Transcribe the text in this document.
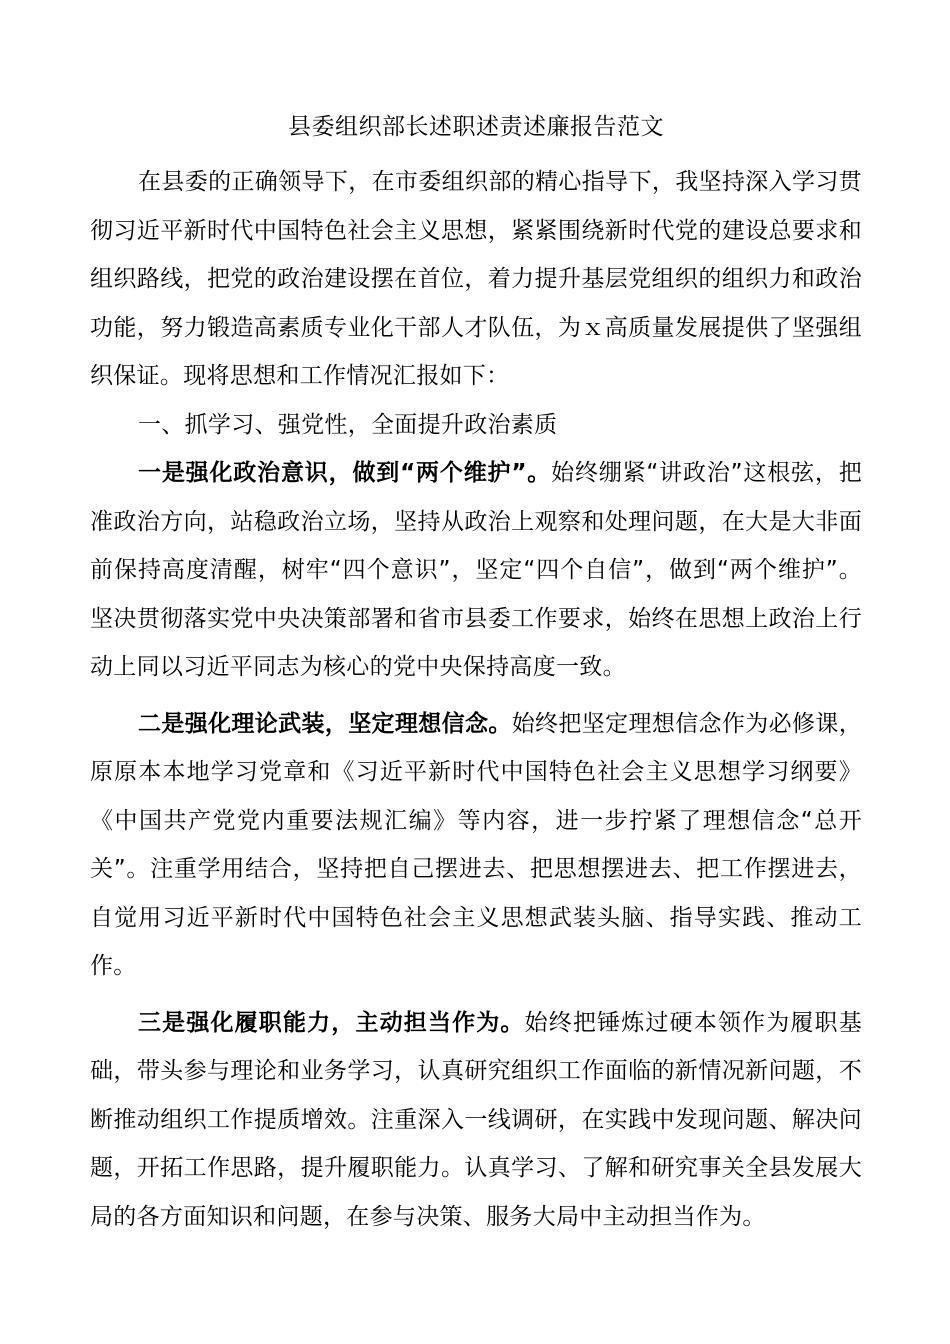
县委组织部长述职述责述廉报告范文

在县委的正确领导下，在市委组织部的精心指导下，我坚持深入学习贯彻习近平新时代中国特色社会主义思想，紧紧围绕新时代党的建设总要求和组织路线，把党的政治建设摆在首位，着力提升基层党组织的组织力和政治功能，努力锻造高素质专业化干部人才队伍，为ｘ高质量发展提供了坚强组织保证。现将思想和工作情况汇报如下：

一、抓学习、强党性，全面提升政治素质

一是强化政治意识，做到“两个维护”。始终绷紧“讲政治”这根弦，把准政治方向，站稳政治立场，坚持从政治上观察和处理问题，在大是大非面前保持高度清醒，树牢“四个意识”，坚定“四个自信”，做到“两个维护”。坚决贯彻落实党中央决策部署和省市县委工作要求，始终在思想上政治上行动上同以习近平同志为核心的党中央保持高度一致。

二是强化理论武装，坚定理想信念。始终把坚定理想信念作为必修课，原原本本地学习党章和《习近平新时代中国特色社会主义思想学习纲要》《中国共产党党内重要法规汇编》等内容，进一步拧紧了理想信念“总开关”。注重学用结合，坚持把自己摆进去、把思想摆进去、把工作摆进去，自觉用习近平新时代中国特色社会主义思想武装头脑、指导实践、推动工作。

三是强化履职能力，主动担当作为。始终把锤炼过硬本领作为履职基础，带头参与理论和业务学习，认真研究组织工作面临的新情况新问题，不断推动组织工作提质增效。注重深入一线调研，在实践中发现问题、解决问题，开拓工作思路，提升履职能力。认真学习、了解和研究事关全县发展大局的各方面知识和问题，在参与决策、服务大局中主动担当作为。
